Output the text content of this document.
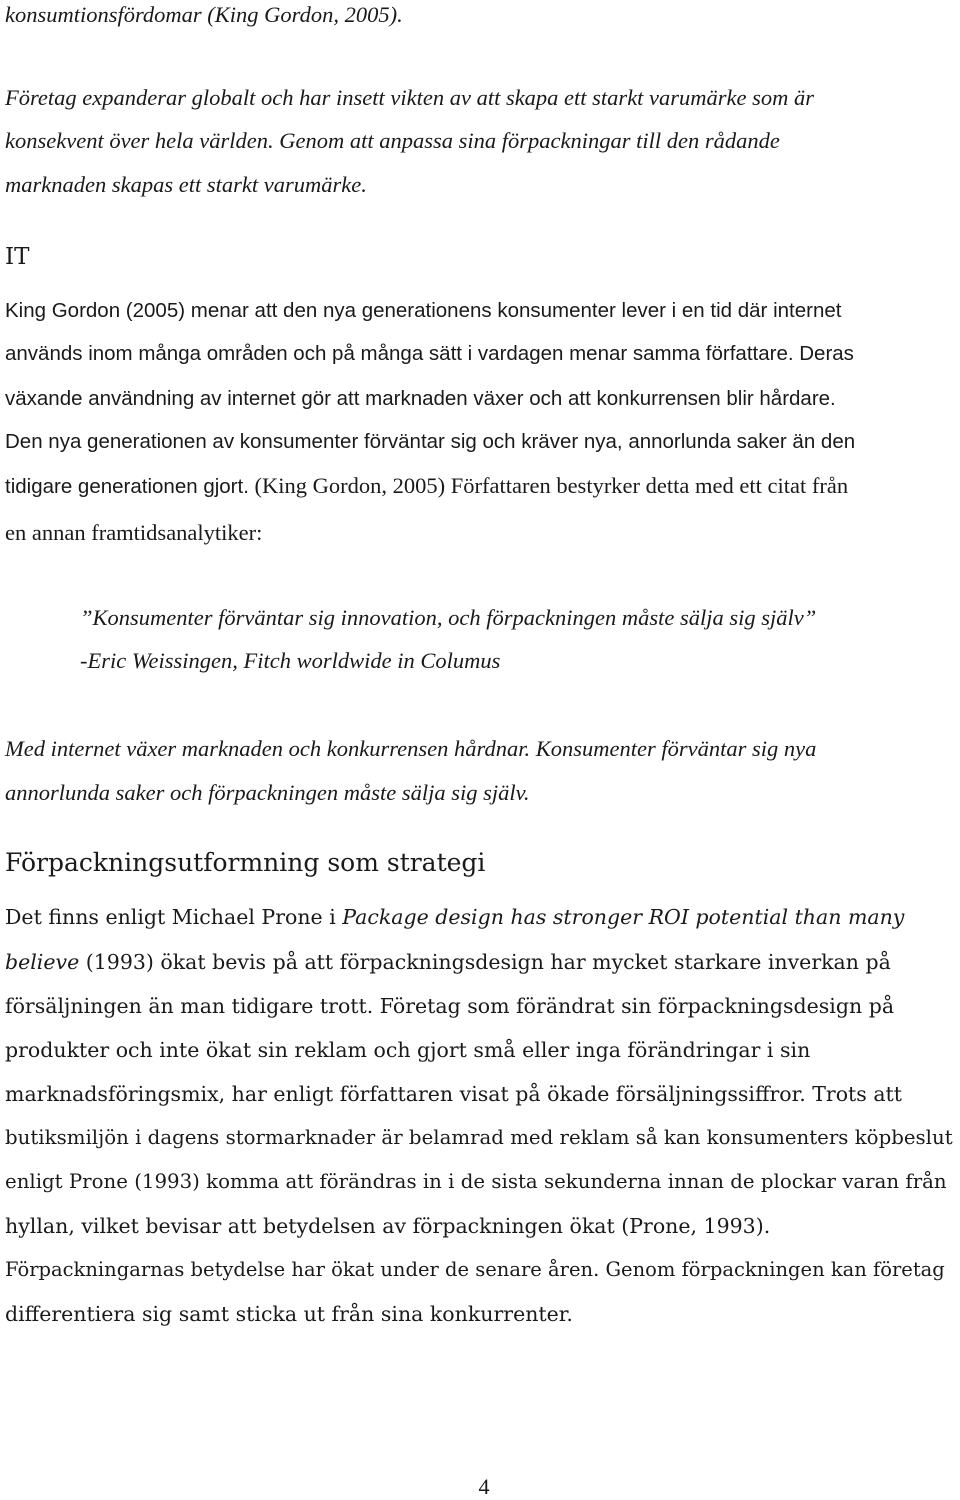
konsumtionsfördomar (King Gordon, 2005).
Företag expanderar globalt och har insett vikten av att skapa ett starkt varumärke som är
konsekvent över hela världen. Genom att anpassa sina förpackningar till den rådande
marknaden skapas ett starkt varumärke.
IT
King Gordon (2005) menar att den nya generationens konsumenter lever i en tid där internet
används inom många områden och på många sätt i vardagen menar samma författare. Deras
växande användning av internet gör att marknaden växer och att konkurrensen blir hårdare.
Den nya generationen av konsumenter förväntar sig och kräver nya, annorlunda saker än den
tidigare generationen gjort. (King Gordon, 2005) Författaren bestyrker detta med ett citat från
en annan framtidsanalytiker:
”Konsumenter förväntar sig innovation, och förpackningen måste sälja sig själv”
-Eric Weissingen, Fitch worldwide in Columus
Med internet växer marknaden och konkurrensen hårdnar. Konsumenter förväntar sig nya
annorlunda saker och förpackningen måste sälja sig själv.
Förpackningsutformning som strategi
Det finns enligt Michael Prone i Package design has stronger ROI potential than many
believe (1993) ökat bevis på att förpackningsdesign har mycket starkare inverkan på
försäljningen än man tidigare trott. Företag som förändrat sin förpackningsdesign på
produkter och inte ökat sin reklam och gjort små eller inga förändringar i sin
marknadsföringsmix, har enligt författaren visat på ökade försäljningssiffror. Trots att
butiksmiljön i dagens stormarknader är belamrad med reklam så kan konsumenters köpbeslut
enligt Prone (1993) komma att förändras in i de sista sekunderna innan de plockar varan från
hyllan, vilket bevisar att betydelsen av förpackningen ökat (Prone, 1993).
Förpackningarnas betydelse har ökat under de senare åren. Genom förpackningen kan företag
differentiera sig samt sticka ut från sina konkurrenter.
4
